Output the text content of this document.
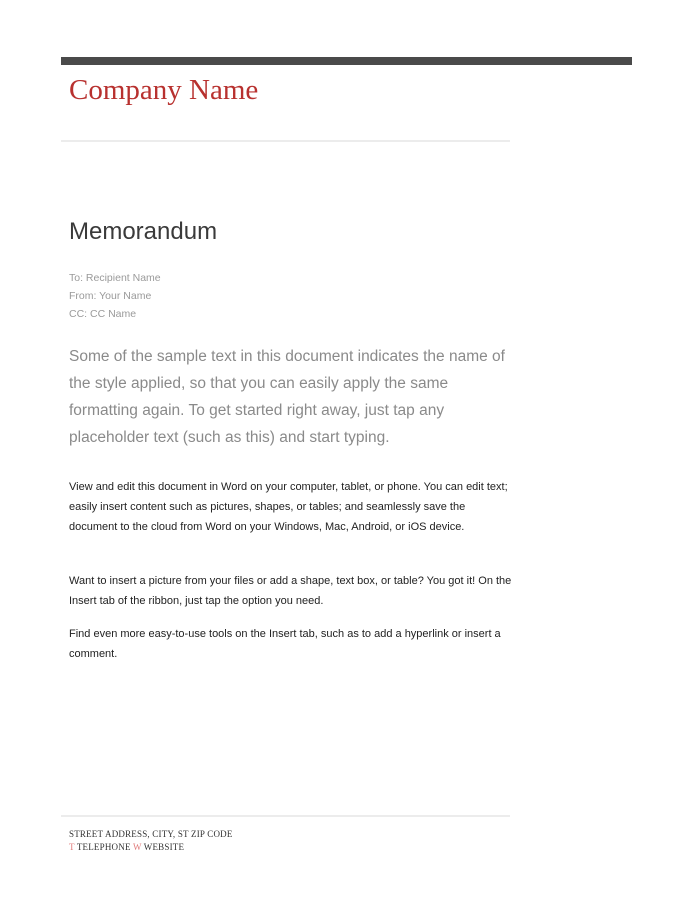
Company Name
Memorandum
To: Recipient Name
From: Your Name
CC: CC Name
Some of the sample text in this document indicates the name of the style applied, so that you can easily apply the same formatting again. To get started right away, just tap any placeholder text (such as this) and start typing.

View and edit this document in Word on your computer, tablet, or phone. You can edit text; easily insert content such as pictures, shapes, or tables; and seamlessly save the document to the cloud from Word on your Windows, Mac, Android, or iOS device.

Want to insert a picture from your files or add a shape, text box, or table? You got it! On the Insert tab of the ribbon, just tap the option you need.

Find even more easy-to-use tools on the Insert tab, such as to add a hyperlink or insert a comment.

STREET ADDRESS, CITY, ST ZIP CODE
T TELEPHONE W WEBSITE
